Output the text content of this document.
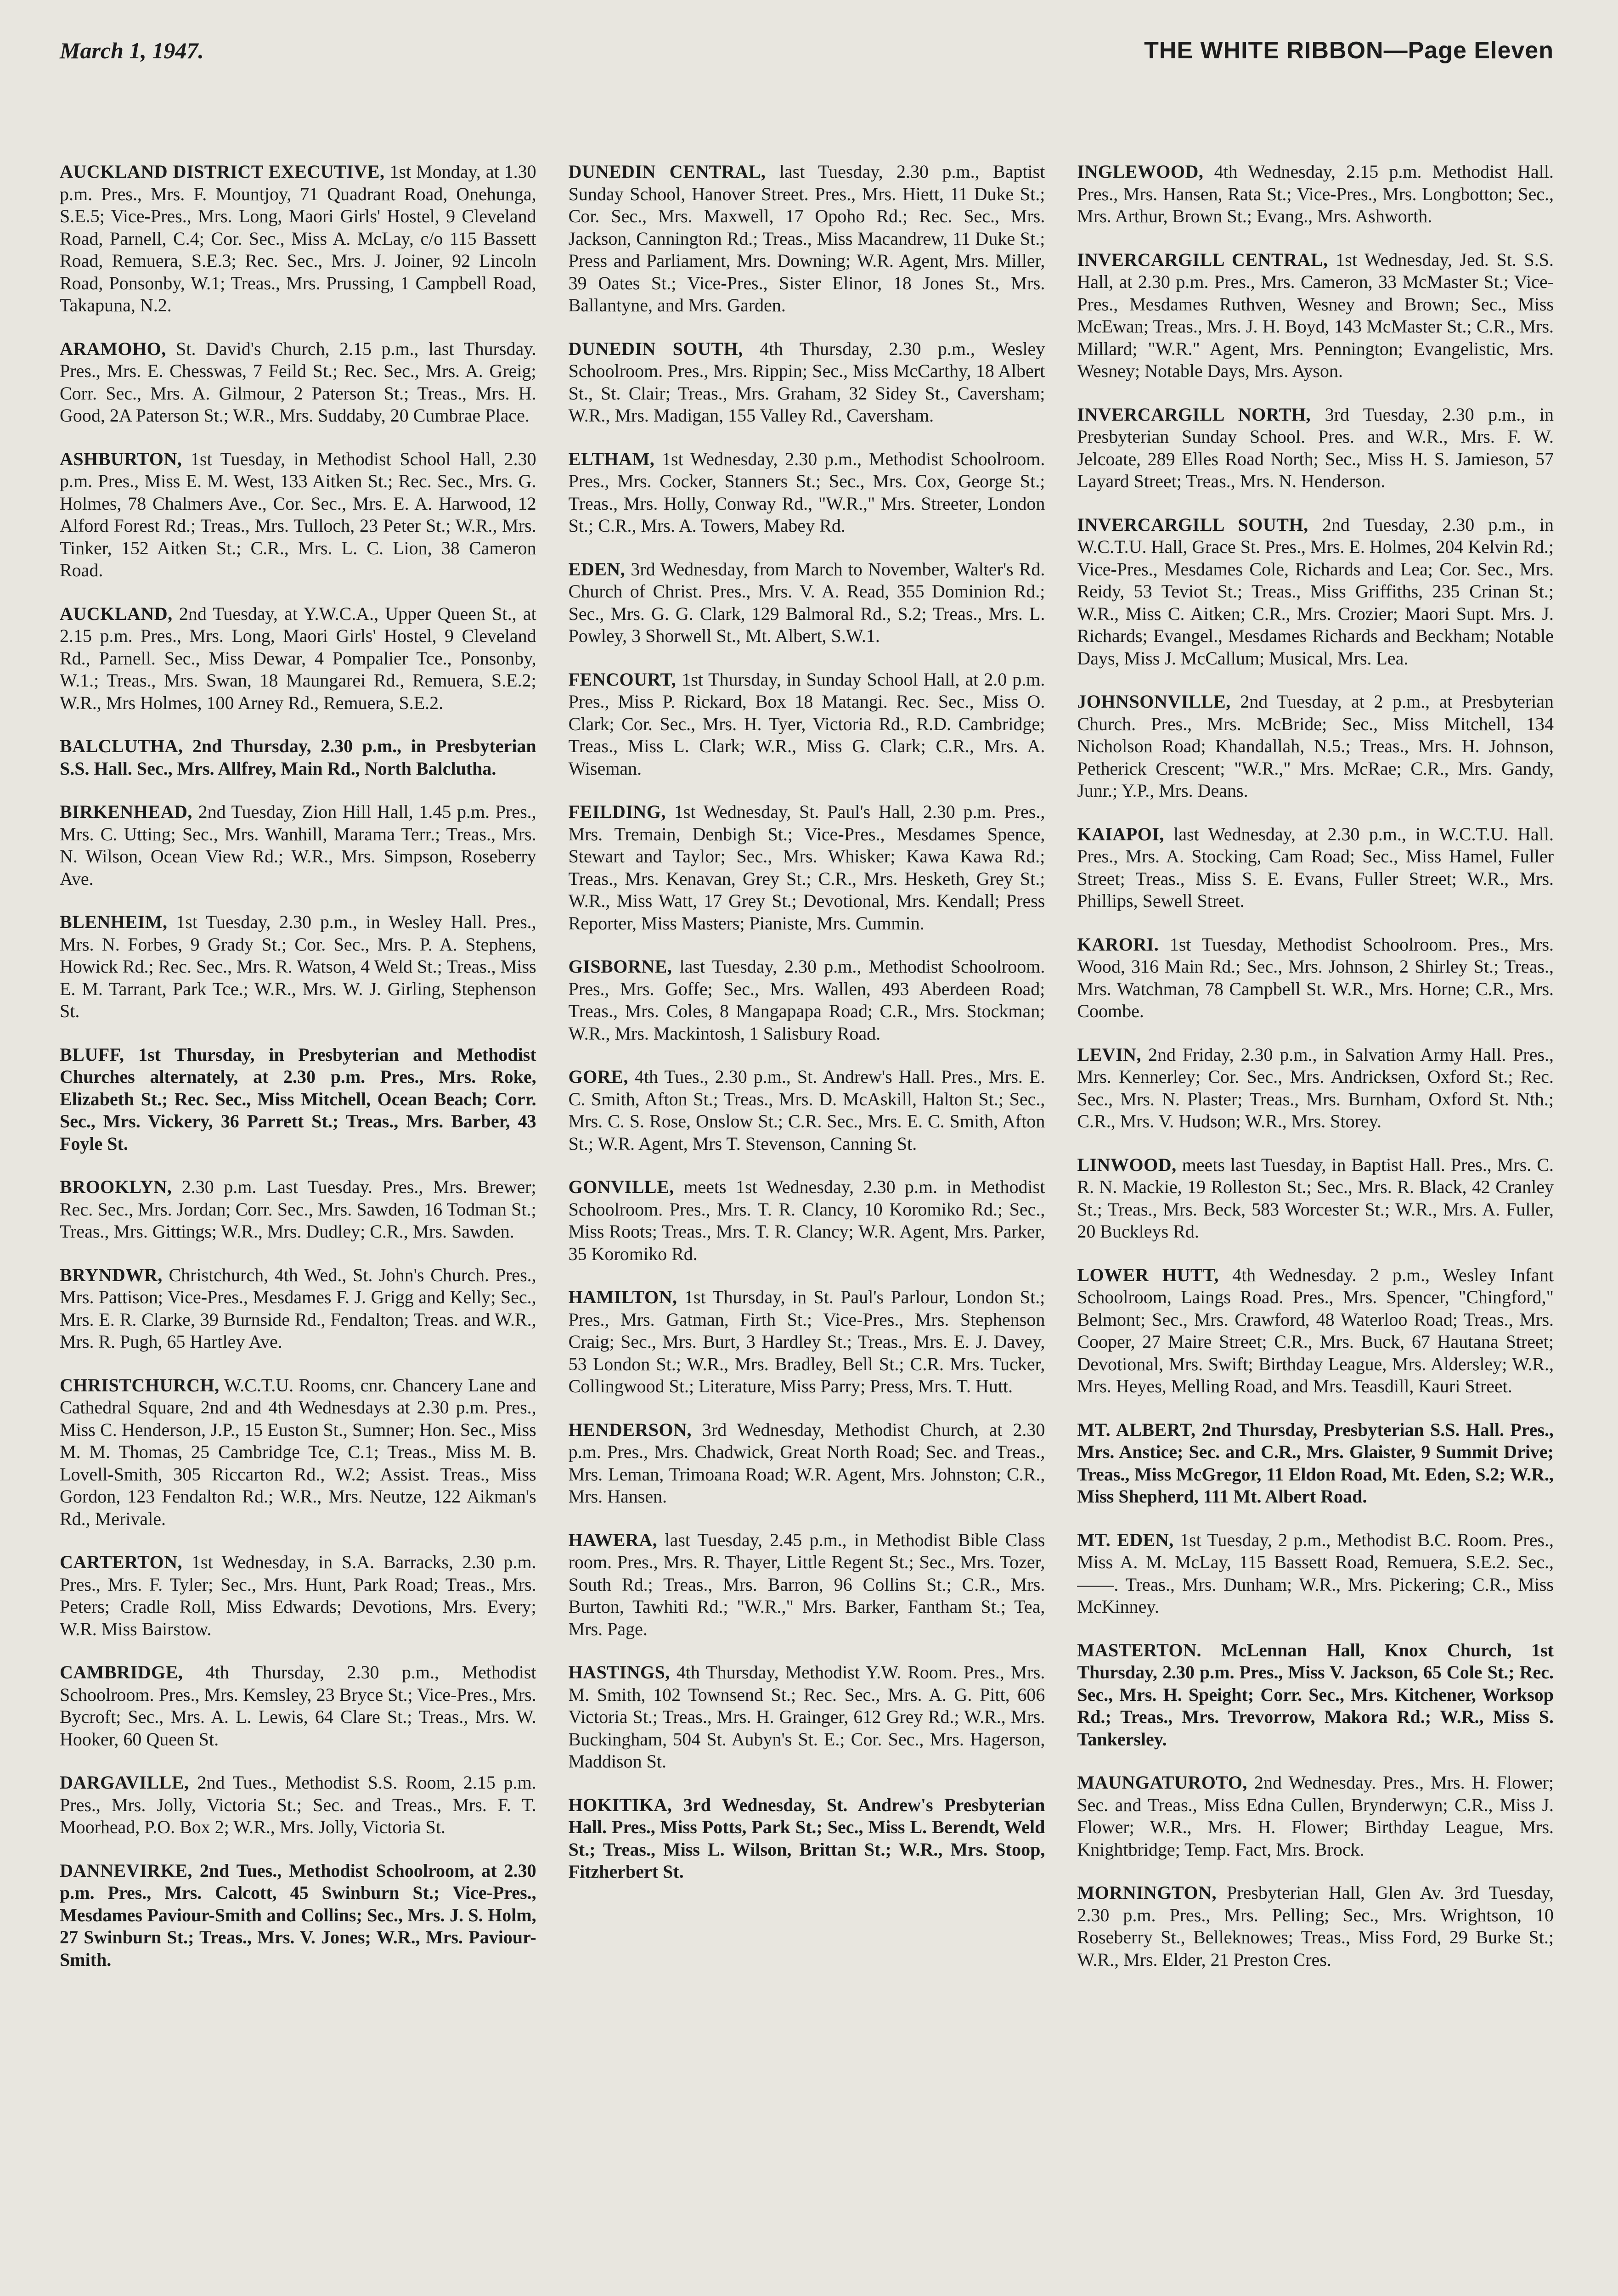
March 1, 1947.	THE WHITE RIBBON—Page Eleven

AUCKLAND DISTRICT EXECUTIVE, 1st Monday, at 1.30 p.m. Pres., Mrs. F. Mountjoy, 71 Quadrant Road, Onehunga, S.E.5; Vice-Pres., Mrs. Long, Maori Girls' Hostel, 9 Cleveland Road, Parnell, C.4; Cor. Sec., Miss A. McLay, c/o 115 Bassett Road, Remuera, S.E.3; Rec. Sec., Mrs. J. Joiner, 92 Lincoln Road, Ponsonby, W.1; Treas., Mrs. Prussing, 1 Campbell Road, Takapuna, N.2.

ARAMOHO, St. David's Church, 2.15 p.m., last Thursday. Pres., Mrs. E. Chesswas, 7 Feild St.; Rec. Sec., Mrs. A. Greig; Corr. Sec., Mrs. A. Gilmour, 2 Paterson St.; Treas., Mrs. H. Good, 2A Paterson St.; W.R., Mrs. Suddaby, 20 Cumbrae Place.

ASHBURTON, 1st Tuesday, in Methodist School Hall, 2.30 p.m. Pres., Miss E. M. West, 133 Aitken St.; Rec. Sec., Mrs. G. Holmes, 78 Chalmers Ave., Cor. Sec., Mrs. E. A. Harwood, 12 Alford Forest Rd.; Treas., Mrs. Tulloch, 23 Peter St.; W.R., Mrs. Tinker, 152 Aitken St.; C.R., Mrs. L. C. Lion, 38 Cameron Road.

AUCKLAND, 2nd Tuesday, at Y.W.C.A., Upper Queen St., at 2.15 p.m. Pres., Mrs. Long, Maori Girls' Hostel, 9 Cleveland Rd., Parnell. Sec., Miss Dewar, 4 Pompalier Tce., Ponsonby, W.1.; Treas., Mrs. Swan, 18 Maungarei Rd., Remuera, S.E.2; W.R., Mrs Holmes, 100 Arney Rd., Remuera, S.E.2.

BALCLUTHA, 2nd Thursday, 2.30 p.m., in Presbyterian S.S. Hall. Sec., Mrs. Allfrey, Main Rd., North Balclutha.

BIRKENHEAD, 2nd Tuesday, Zion Hill Hall, 1.45 p.m. Pres., Mrs. C. Utting; Sec., Mrs. Wanhill, Marama Terr.; Treas., Mrs. N. Wilson, Ocean View Rd.; W.R., Mrs. Simpson, Roseberry Ave.

BLENHEIM, 1st Tuesday, 2.30 p.m., in Wesley Hall. Pres., Mrs. N. Forbes, 9 Grady St.; Cor. Sec., Mrs. P. A. Stephens, Howick Rd.; Rec. Sec., Mrs. R. Watson, 4 Weld St.; Treas., Miss E. M. Tarrant, Park Tce.; W.R., Mrs. W. J. Girling, Stephenson St.

BLUFF, 1st Thursday, in Presbyterian and Methodist Churches alternately, at 2.30 p.m. Pres., Mrs. Roke, Elizabeth St.; Rec. Sec., Miss Mitchell, Ocean Beach; Corr. Sec., Mrs. Vickery, 36 Parrett St.; Treas., Mrs. Barber, 43 Foyle St.

BROOKLYN, 2.30 p.m. Last Tuesday. Pres., Mrs. Brewer; Rec. Sec., Mrs. Jordan; Corr. Sec., Mrs. Sawden, 16 Todman St.; Treas., Mrs. Gittings; W.R., Mrs. Dudley; C.R., Mrs. Sawden.

BRYNDWR, Christchurch, 4th Wed., St. John's Church. Pres., Mrs. Pattison; Vice-Pres., Mesdames F. J. Grigg and Kelly; Sec., Mrs. E. R. Clarke, 39 Burnside Rd., Fendalton; Treas. and W.R., Mrs. R. Pugh, 65 Hartley Ave.

CHRISTCHURCH, W.C.T.U. Rooms, cnr. Chancery Lane and Cathedral Square, 2nd and 4th Wednesdays at 2.30 p.m. Pres., Miss C. Henderson, J.P., 15 Euston St., Sumner; Hon. Sec., Miss M. M. Thomas, 25 Cambridge Tce, C.1; Treas., Miss M. B. Lovell-Smith, 305 Riccarton Rd., W.2; Assist. Treas., Miss Gordon, 123 Fendalton Rd.; W.R., Mrs. Neutze, 122 Aikman's Rd., Merivale.

CARTERTON, 1st Wednesday, in S.A. Barracks, 2.30 p.m. Pres., Mrs. F. Tyler; Sec., Mrs. Hunt, Park Road; Treas., Mrs. Peters; Cradle Roll, Miss Edwards; Devotions, Mrs. Every; W.R. Miss Bairstow.

CAMBRIDGE, 4th Thursday, 2.30 p.m., Methodist Schoolroom. Pres., Mrs. Kemsley, 23 Bryce St.; Vice-Pres., Mrs. Bycroft; Sec., Mrs. A. L. Lewis, 64 Clare St.; Treas., Mrs. W. Hooker, 60 Queen St.

DARGAVILLE, 2nd Tues., Methodist S.S. Room, 2.15 p.m. Pres., Mrs. Jolly, Victoria St.; Sec. and Treas., Mrs. F. T. Moorhead, P.O. Box 2; W.R., Mrs. Jolly, Victoria St.

DANNEVIRKE, 2nd Tues., Methodist Schoolroom, at 2.30 p.m. Pres., Mrs. Calcott, 45 Swinburn St.; Vice-Pres., Mesdames Paviour-Smith and Collins; Sec., Mrs. J. S. Holm, 27 Swinburn St.; Treas., Mrs. V. Jones; W.R., Mrs. Paviour-Smith.

DUNEDIN CENTRAL, last Tuesday, 2.30 p.m., Baptist Sunday School, Hanover Street. Pres., Mrs. Hiett, 11 Duke St.; Cor. Sec., Mrs. Maxwell, 17 Opoho Rd.; Rec. Sec., Mrs. Jackson, Cannington Rd.; Treas., Miss Macandrew, 11 Duke St.; Press and Parliament, Mrs. Downing; W.R. Agent, Mrs. Miller, 39 Oates St.; Vice-Pres., Sister Elinor, 18 Jones St., Mrs. Ballantyne, and Mrs. Garden.

DUNEDIN SOUTH, 4th Thursday, 2.30 p.m., Wesley Schoolroom. Pres., Mrs. Rippin; Sec., Miss McCarthy, 18 Albert St., St. Clair; Treas., Mrs. Graham, 32 Sidey St., Caversham; W.R., Mrs. Madigan, 155 Valley Rd., Caversham.

ELTHAM, 1st Wednesday, 2.30 p.m., Methodist Schoolroom. Pres., Mrs. Cocker, Stanners St.; Sec., Mrs. Cox, George St.; Treas., Mrs. Holly, Conway Rd., "W.R.," Mrs. Streeter, London St.; C.R., Mrs. A. Towers, Mabey Rd.

EDEN, 3rd Wednesday, from March to November, Walter's Rd. Church of Christ. Pres., Mrs. V. A. Read, 355 Dominion Rd.; Sec., Mrs. G. G. Clark, 129 Balmoral Rd., S.2; Treas., Mrs. L. Powley, 3 Shorwell St., Mt. Albert, S.W.1.

FENCOURT, 1st Thursday, in Sunday School Hall, at 2.0 p.m. Pres., Miss P. Rickard, Box 18 Matangi. Rec. Sec., Miss O. Clark; Cor. Sec., Mrs. H. Tyer, Victoria Rd., R.D. Cambridge; Treas., Miss L. Clark; W.R., Miss G. Clark; C.R., Mrs. A. Wiseman.

FEILDING, 1st Wednesday, St. Paul's Hall, 2.30 p.m. Pres., Mrs. Tremain, Denbigh St.; Vice-Pres., Mesdames Spence, Stewart and Taylor; Sec., Mrs. Whisker; Kawa Kawa Rd.; Treas., Mrs. Kenavan, Grey St.; C.R., Mrs. Hesketh, Grey St.; W.R., Miss Watt, 17 Grey St.; Devotional, Mrs. Kendall; Press Reporter, Miss Masters; Pianiste, Mrs. Cummin.

GISBORNE, last Tuesday, 2.30 p.m., Methodist Schoolroom. Pres., Mrs. Goffe; Sec., Mrs. Wallen, 493 Aberdeen Road; Treas., Mrs. Coles, 8 Mangapapa Road; C.R., Mrs. Stockman; W.R., Mrs. Mackintosh, 1 Salisbury Road.

GORE, 4th Tues., 2.30 p.m., St. Andrew's Hall. Pres., Mrs. E. C. Smith, Afton St.; Treas., Mrs. D. McAskill, Halton St.; Sec., Mrs. C. S. Rose, Onslow St.; C.R. Sec., Mrs. E. C. Smith, Afton St.; W.R. Agent, Mrs T. Stevenson, Canning St.

GONVILLE, meets 1st Wednesday, 2.30 p.m. in Methodist Schoolroom. Pres., Mrs. T. R. Clancy, 10 Koromiko Rd.; Sec., Miss Roots; Treas., Mrs. T. R. Clancy; W.R. Agent, Mrs. Parker, 35 Koromiko Rd.

HAMILTON, 1st Thursday, in St. Paul's Parlour, London St.; Pres., Mrs. Gatman, Firth St.; Vice-Pres., Mrs. Stephenson Craig; Sec., Mrs. Burt, 3 Hardley St.; Treas., Mrs. E. J. Davey, 53 London St.; W.R., Mrs. Bradley, Bell St.; C.R. Mrs. Tucker, Collingwood St.; Literature, Miss Parry; Press, Mrs. T. Hutt.

HENDERSON, 3rd Wednesday, Methodist Church, at 2.30 p.m. Pres., Mrs. Chadwick, Great North Road; Sec. and Treas., Mrs. Leman, Trimoana Road; W.R. Agent, Mrs. Johnston; C.R., Mrs. Hansen.

HAWERA, last Tuesday, 2.45 p.m., in Methodist Bible Class room. Pres., Mrs. R. Thayer, Little Regent St.; Sec., Mrs. Tozer, South Rd.; Treas., Mrs. Barron, 96 Collins St.; C.R., Mrs. Burton, Tawhiti Rd.; "W.R.," Mrs. Barker, Fantham St.; Tea, Mrs. Page.

HASTINGS, 4th Thursday, Methodist Y.W. Room. Pres., Mrs. M. Smith, 102 Townsend St.; Rec. Sec., Mrs. A. G. Pitt, 606 Victoria St.; Treas., Mrs. H. Grainger, 612 Grey Rd.; W.R., Mrs. Buckingham, 504 St. Aubyn's St. E.; Cor. Sec., Mrs. Hagerson, Maddison St.

HOKITIKA, 3rd Wednesday, St. Andrew's Presbyterian Hall. Pres., Miss Potts, Park St.; Sec., Miss L. Berendt, Weld St.; Treas., Miss L. Wilson, Brittan St.; W.R., Mrs. Stoop, Fitzherbert St.

INGLEWOOD, 4th Wednesday, 2.15 p.m. Methodist Hall. Pres., Mrs. Hansen, Rata St.; Vice-Pres., Mrs. Longbotton; Sec., Mrs. Arthur, Brown St.; Evang., Mrs. Ashworth.

INVERCARGILL CENTRAL, 1st Wednesday, Jed. St. S.S. Hall, at 2.30 p.m. Pres., Mrs. Cameron, 33 McMaster St.; Vice-Pres., Mesdames Ruthven, Wesney and Brown; Sec., Miss McEwan; Treas., Mrs. J. H. Boyd, 143 McMaster St.; C.R., Mrs. Millard; "W.R." Agent, Mrs. Pennington; Evangelistic, Mrs. Wesney; Notable Days, Mrs. Ayson.

INVERCARGILL NORTH, 3rd Tuesday, 2.30 p.m., in Presbyterian Sunday School. Pres. and W.R., Mrs. F. W. Jelcoate, 289 Elles Road North; Sec., Miss H. S. Jamieson, 57 Layard Street; Treas., Mrs. N. Henderson.

INVERCARGILL SOUTH, 2nd Tuesday, 2.30 p.m., in W.C.T.U. Hall, Grace St. Pres., Mrs. E. Holmes, 204 Kelvin Rd.; Vice-Pres., Mesdames Cole, Richards and Lea; Cor. Sec., Mrs. Reidy, 53 Teviot St.; Treas., Miss Griffiths, 235 Crinan St.; W.R., Miss C. Aitken; C.R., Mrs. Crozier; Maori Supt. Mrs. J. Richards; Evangel., Mesdames Richards and Beckham; Notable Days, Miss J. McCallum; Musical, Mrs. Lea.

JOHNSONVILLE, 2nd Tuesday, at 2 p.m., at Presbyterian Church. Pres., Mrs. McBride; Sec., Miss Mitchell, 134 Nicholson Road; Khandallah, N.5.; Treas., Mrs. H. Johnson, Petherick Crescent; "W.R.," Mrs. McRae; C.R., Mrs. Gandy, Junr.; Y.P., Mrs. Deans.

KAIAPOI, last Wednesday, at 2.30 p.m., in W.C.T.U. Hall. Pres., Mrs. A. Stocking, Cam Road; Sec., Miss Hamel, Fuller Street; Treas., Miss S. E. Evans, Fuller Street; W.R., Mrs. Phillips, Sewell Street.

KARORI. 1st Tuesday, Methodist Schoolroom. Pres., Mrs. Wood, 316 Main Rd.; Sec., Mrs. Johnson, 2 Shirley St.; Treas., Mrs. Watchman, 78 Campbell St. W.R., Mrs. Horne; C.R., Mrs. Coombe.

LEVIN, 2nd Friday, 2.30 p.m., in Salvation Army Hall. Pres., Mrs. Kennerley; Cor. Sec., Mrs. Andricksen, Oxford St.; Rec. Sec., Mrs. N. Plaster; Treas., Mrs. Burnham, Oxford St. Nth.; C.R., Mrs. V. Hudson; W.R., Mrs. Storey.

LINWOOD, meets last Tuesday, in Baptist Hall. Pres., Mrs. C. R. N. Mackie, 19 Rolleston St.; Sec., Mrs. R. Black, 42 Cranley St.; Treas., Mrs. Beck, 583 Worcester St.; W.R., Mrs. A. Fuller, 20 Buckleys Rd.

LOWER HUTT, 4th Wednesday. 2 p.m., Wesley Infant Schoolroom, Laings Road. Pres., Mrs. Spencer, "Chingford," Belmont; Sec., Mrs. Crawford, 48 Waterloo Road; Treas., Mrs. Cooper, 27 Maire Street; C.R., Mrs. Buck, 67 Hautana Street; Devotional, Mrs. Swift; Birthday League, Mrs. Aldersley; W.R., Mrs. Heyes, Melling Road, and Mrs. Teasdill, Kauri Street.

MT. ALBERT, 2nd Thursday, Presbyterian S.S. Hall. Pres., Mrs. Anstice; Sec. and C.R., Mrs. Glaister, 9 Summit Drive; Treas., Miss McGregor, 11 Eldon Road, Mt. Eden, S.2; W.R., Miss Shepherd, 111 Mt. Albert Road.

MT. EDEN, 1st Tuesday, 2 p.m., Methodist B.C. Room. Pres., Miss A. M. McLay, 115 Bassett Road, Remuera, S.E.2. Sec., ——. Treas., Mrs. Dunham; W.R., Mrs. Pickering; C.R., Miss McKinney.

MASTERTON. McLennan Hall, Knox Church, 1st Thursday, 2.30 p.m. Pres., Miss V. Jackson, 65 Cole St.; Rec. Sec., Mrs. H. Speight; Corr. Sec., Mrs. Kitchener, Worksop Rd.; Treas., Mrs. Trevorrow, Makora Rd.; W.R., Miss S. Tankersley.

MAUNGATUROTO, 2nd Wednesday. Pres., Mrs. H. Flower; Sec. and Treas., Miss Edna Cullen, Brynderwyn; C.R., Miss J. Flower; W.R., Mrs. H. Flower; Birthday League, Mrs. Knightbridge; Temp. Fact, Mrs. Brock.

MORNINGTON, Presbyterian Hall, Glen Av. 3rd Tuesday, 2.30 p.m. Pres., Mrs. Pelling; Sec., Mrs. Wrightson, 10 Roseberry St., Belleknowes; Treas., Miss Ford, 29 Burke St.; W.R., Mrs. Elder, 21 Preston Cres.
